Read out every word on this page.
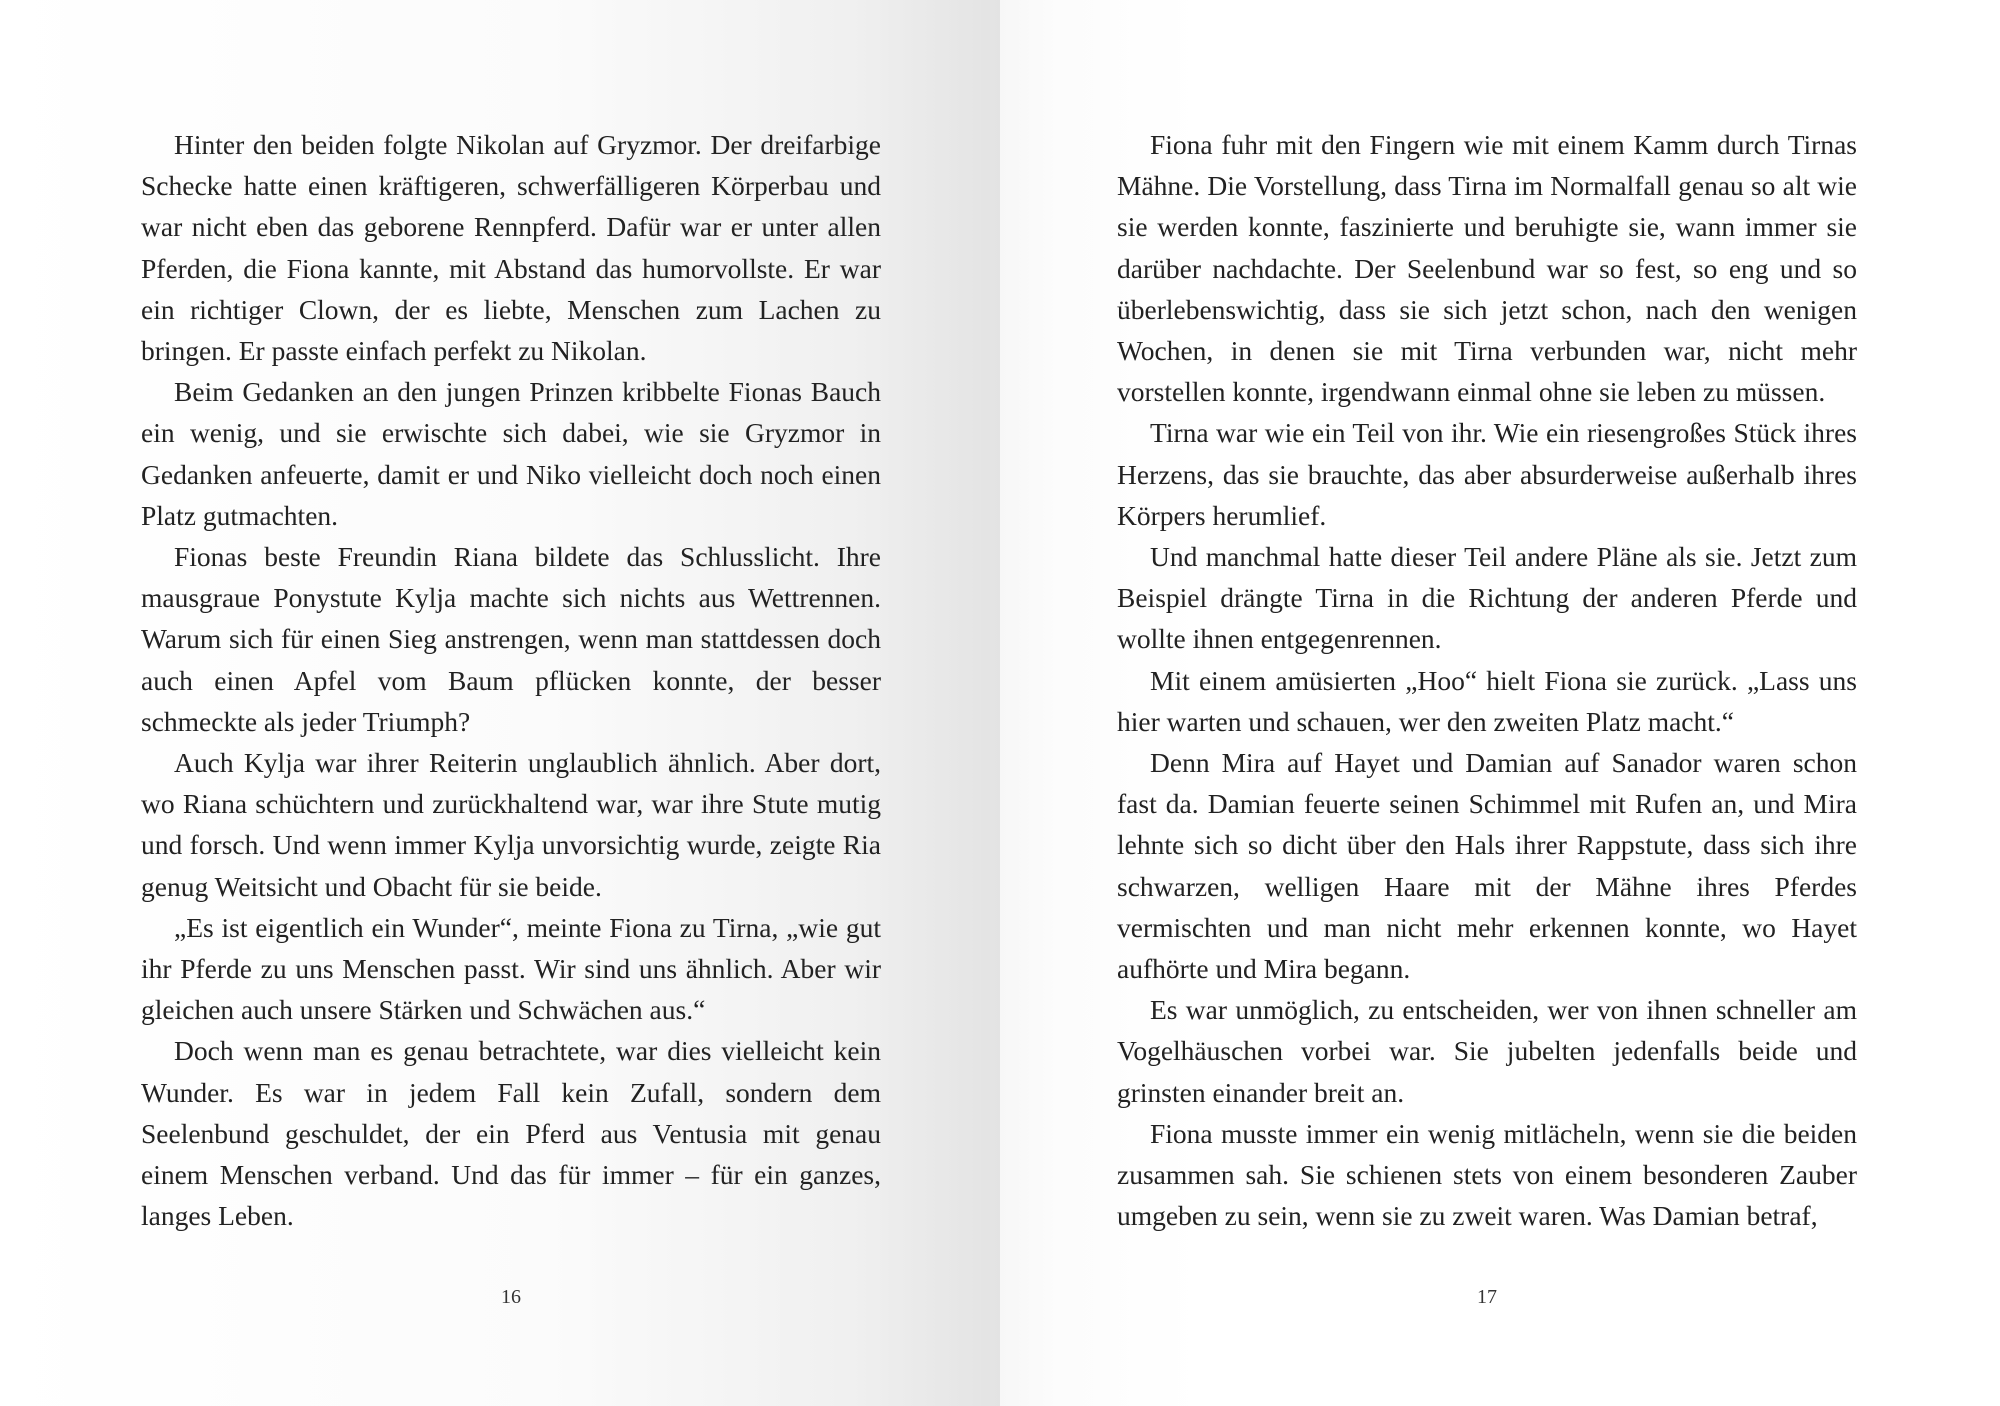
Hinter den beiden folgte Nikolan auf Gryzmor. Der dreifarbige Schecke hatte einen kräftigeren, schwerfälligeren Körperbau und war nicht eben das geborene Rennpferd. Dafür war er unter allen Pferden, die Fiona kannte, mit Abstand das humorvollste. Er war ein richtiger Clown, der es liebte, Menschen zum Lachen zu bringen. Er passte einfach perfekt zu Nikolan.

Beim Gedanken an den jungen Prinzen kribbelte Fionas Bauch ein wenig, und sie erwischte sich dabei, wie sie Gryzmor in Gedanken anfeuerte, damit er und Niko vielleicht doch noch einen Platz gutmachten.

Fionas beste Freundin Riana bildete das Schlusslicht. Ihre mausgraue Ponystute Kylja machte sich nichts aus Wettrennen. Warum sich für einen Sieg anstrengen, wenn man stattdessen doch auch einen Apfel vom Baum pflücken konnte, der besser schmeckte als jeder Triumph?

Auch Kylja war ihrer Reiterin unglaublich ähnlich. Aber dort, wo Riana schüchtern und zurückhaltend war, war ihre Stute mutig und forsch. Und wenn immer Kylja unvorsichtig wurde, zeigte Ria genug Weitsicht und Obacht für sie beide.

„Es ist eigentlich ein Wunder“, meinte Fiona zu Tirna, „wie gut ihr Pferde zu uns Menschen passt. Wir sind uns ähnlich. Aber wir gleichen auch unsere Stärken und Schwächen aus.“

Doch wenn man es genau betrachtete, war dies vielleicht kein Wunder. Es war in jedem Fall kein Zufall, sondern dem Seelenbund geschuldet, der ein Pferd aus Ventusia mit genau einem Menschen verband. Und das für immer – für ein ganzes, langes Leben.

16

Fiona fuhr mit den Fingern wie mit einem Kamm durch Tirnas Mähne. Die Vorstellung, dass Tirna im Normalfall genau so alt wie sie werden konnte, faszinierte und beruhigte sie, wann immer sie darüber nachdachte. Der Seelenbund war so fest, so eng und so überlebenswichtig, dass sie sich jetzt schon, nach den wenigen Wochen, in denen sie mit Tirna verbunden war, nicht mehr vorstellen konnte, irgendwann einmal ohne sie leben zu müssen.

Tirna war wie ein Teil von ihr. Wie ein riesengroßes Stück ihres Herzens, das sie brauchte, das aber absurderweise außerhalb ihres Körpers herumlief.

Und manchmal hatte dieser Teil andere Pläne als sie. Jetzt zum Beispiel drängte Tirna in die Richtung der anderen Pferde und wollte ihnen entgegenrennen.

Mit einem amüsierten „Hoo“ hielt Fiona sie zurück. „Lass uns hier warten und schauen, wer den zweiten Platz macht.“

Denn Mira auf Hayet und Damian auf Sanador waren schon fast da. Damian feuerte seinen Schimmel mit Rufen an, und Mira lehnte sich so dicht über den Hals ihrer Rappstute, dass sich ihre schwarzen, welligen Haare mit der Mähne ihres Pferdes vermischten und man nicht mehr erkennen konnte, wo Hayet aufhörte und Mira begann.

Es war unmöglich, zu entscheiden, wer von ihnen schneller am Vogelhäuschen vorbei war. Sie jubelten jedenfalls beide und grinsten einander breit an.

Fiona musste immer ein wenig mitlächeln, wenn sie die beiden zusammen sah. Sie schienen stets von einem besonderen Zauber umgeben zu sein, wenn sie zu zweit waren. Was Damian betraf,

17
